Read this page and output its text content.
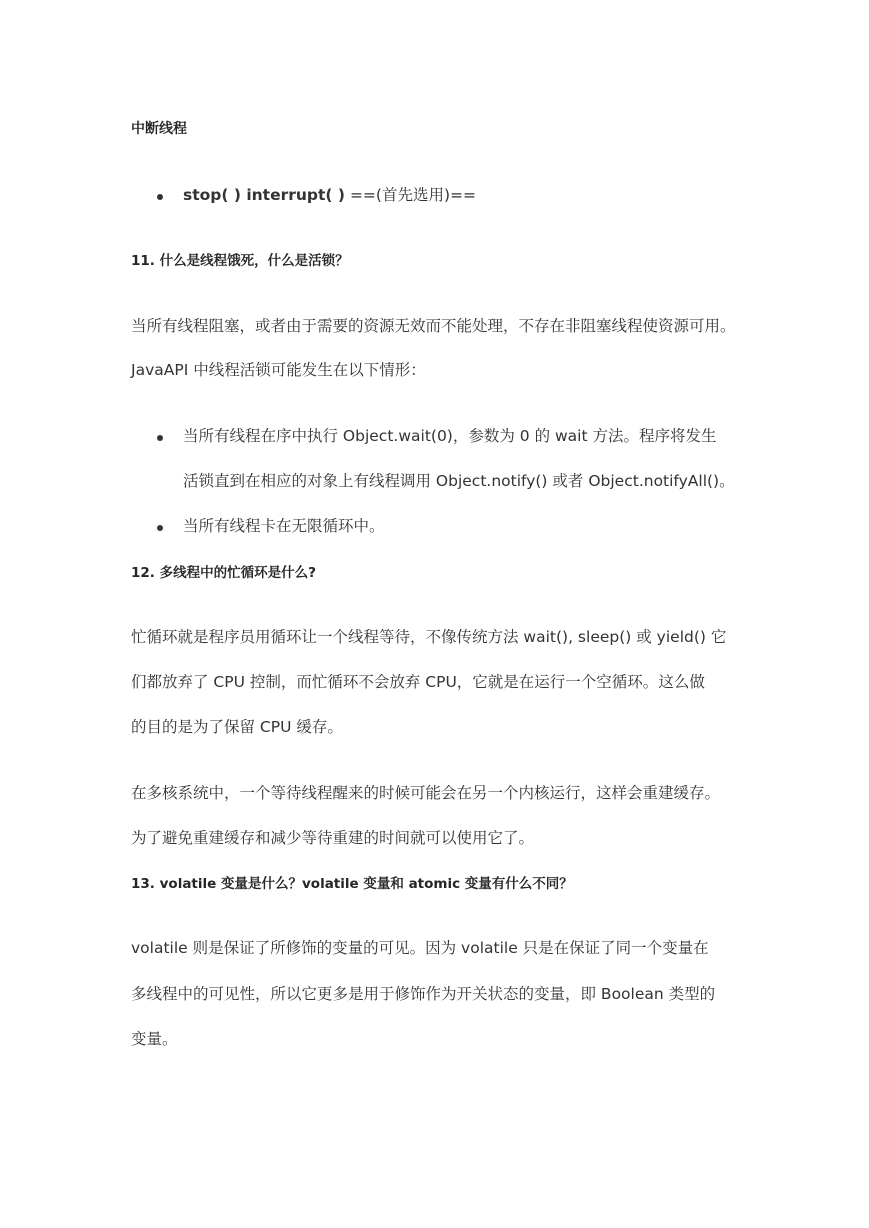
中断线程
stop( ) interrupt( ) ==(首先选用)==
11. 什么是线程饿死，什么是活锁？
当所有线程阻塞，或者由于需要的资源无效而不能处理，不存在非阻塞线程使资源可用。
JavaAPI 中线程活锁可能发生在以下情形：
当所有线程在序中执行 Object.wait(0)，参数为 0 的 wait 方法。程序将发生
活锁直到在相应的对象上有线程调用 Object.notify() 或者 Object.notifyAll()。
当所有线程卡在无限循环中。
12. 多线程中的忙循环是什么?
忙循环就是程序员用循环让一个线程等待，不像传统方法 wait(), sleep() 或 yield() 它
们都放弃了 CPU 控制，而忙循环不会放弃 CPU，它就是在运行一个空循环。这么做
的目的是为了保留 CPU 缓存。
在多核系统中，一个等待线程醒来的时候可能会在另一个内核运行，这样会重建缓存。
为了避免重建缓存和减少等待重建的时间就可以使用它了。
13. volatile 变量是什么？volatile 变量和 atomic 变量有什么不同？
volatile 则是保证了所修饰的变量的可见。因为 volatile 只是在保证了同一个变量在
多线程中的可见性，所以它更多是用于修饰作为开关状态的变量，即 Boolean 类型的
变量。
